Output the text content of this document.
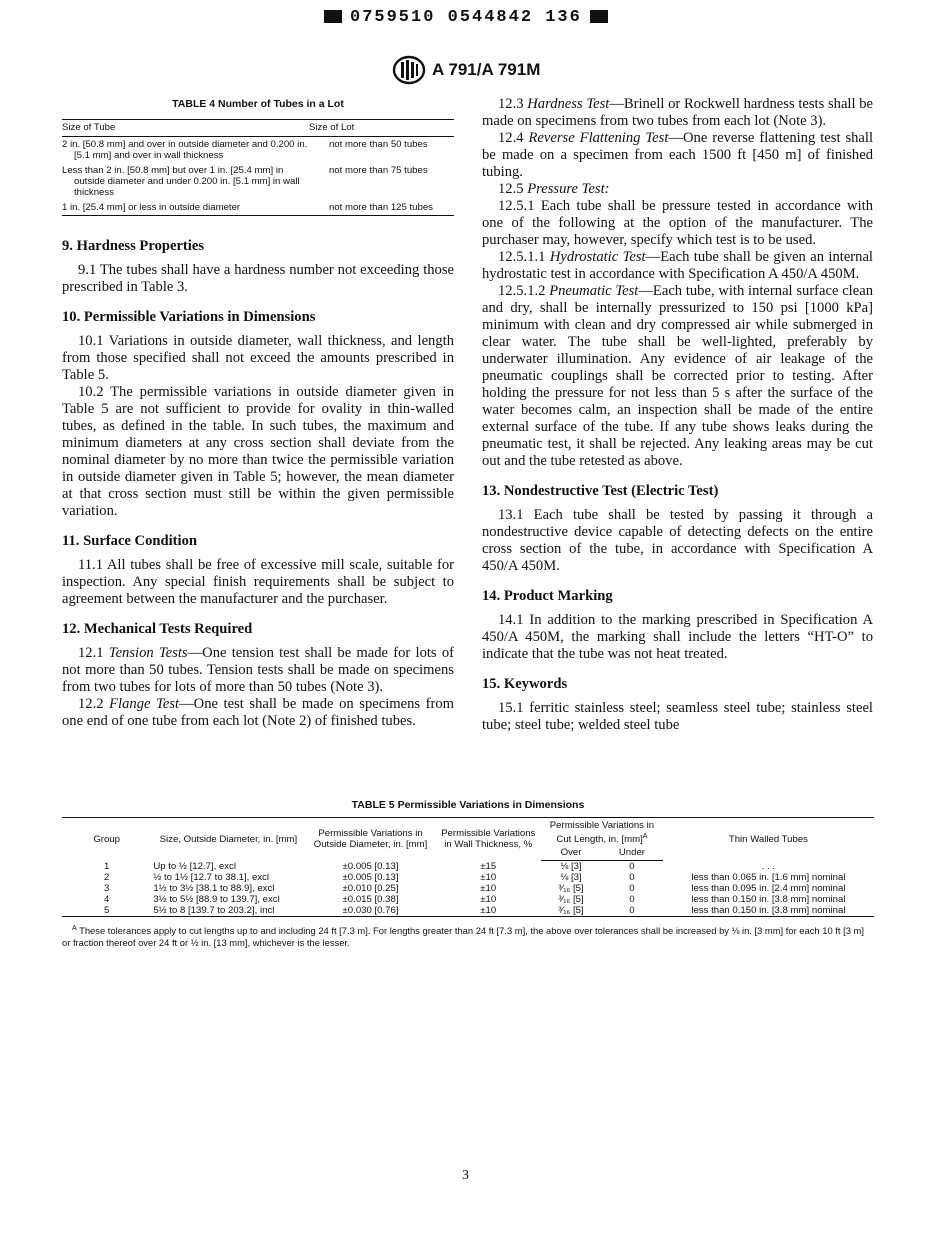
0759510 0544842 136
A 791/A 791M
TABLE 4 Number of Tubes in a Lot
Size of Tube	Size of Lot

2 in. [50.8 mm] and over in outside diameter and 0.200 in. [5.1 mm] and over in wall thickness	not more than 50 tubes

Less than 2 in. [50.8 mm] but over 1 in. [25.4 mm] in outside diameter and under 0.200 in. [5.1 mm] in wall thickness	not more than 75 tubes

1 in. [25.4 mm] or less in outside diameter	not more than 125 tubes
9. Hardness Properties

9.1 The tubes shall have a hardness number not exceeding those prescribed in Table 3.

10. Permissible Variations in Dimensions

10.1 Variations in outside diameter, wall thickness, and length from those specified shall not exceed the amounts prescribed in Table 5.

10.2 The permissible variations in outside diameter given in Table 5 are not sufficient to provide for ovality in thin-walled tubes, as defined in the table. In such tubes, the maximum and minimum diameters at any cross section shall deviate from the nominal diameter by no more than twice the permissible variation in outside diameter given in Table 5; however, the mean diameter at that cross section must still be within the given permissible variation.

11. Surface Condition

11.1 All tubes shall be free of excessive mill scale, suitable for inspection. Any special finish requirements shall be subject to agreement between the manufacturer and the purchaser.

12. Mechanical Tests Required

12.1 Tension Tests—One tension test shall be made for lots of not more than 50 tubes. Tension tests shall be made on specimens from two tubes for lots of more than 50 tubes (Note 3).

12.2 Flange Test—One test shall be made on specimens from one end of one tube from each lot (Note 2) of finished tubes.

12.3 Hardness Test—Brinell or Rockwell hardness tests shall be made on specimens from two tubes from each lot (Note 3).

12.4 Reverse Flattening Test—One reverse flattening test shall be made on a specimen from each 1500 ft [450 m] of finished tubing.

12.5 Pressure Test:

12.5.1 Each tube shall be pressure tested in accordance with one of the following at the option of the manufacturer. The purchaser may, however, specify which test is to be used.

12.5.1.1 Hydrostatic Test—Each tube shall be given an internal hydrostatic test in accordance with Specification A 450/A 450M.

12.5.1.2 Pneumatic Test—Each tube, with internal surface clean and dry, shall be internally pressurized to 150 psi [1000 kPa] minimum with clean and dry compressed air while submerged in clear water. The tube shall be well-lighted, preferably by underwater illumination. Any evidence of air leakage of the pneumatic couplings shall be corrected prior to testing. After holding the pressure for not less than 5 s after the surface of the water becomes calm, an inspection shall be made of the entire external surface of the tube. If any tube shows leaks during the pneumatic test, it shall be rejected. Any leaking areas may be cut out and the tube retested as above.

13. Nondestructive Test (Electric Test)

13.1 Each tube shall be tested by passing it through a nondestructive device capable of detecting defects on the entire cross section of the tube, in accordance with Specification A 450/A 450M.

14. Product Marking

14.1 In addition to the marking prescribed in Specification A 450/A 450M, the marking shall include the letters “HT-O” to indicate that the tube was not heat treated.

15. Keywords

15.1 ferritic stainless steel; seamless steel tube; stainless steel tube; steel tube; welded steel tube

TABLE 5 Permissible Variations in Dimensions
Group	Size, Outside Diameter, in. [mm]	Permissible Variations in Outside Diameter, in. [mm]	Permissible Variations in Wall Thickness, %	Permissible Variations in Cut Length, in. [mm]$^A$		Thin Walled Tubes
				Over	Under	
1	Up to ½ [12.7], excl	±0.005 [0.13]	±15	⅛ [3]	0	. . .
2	½ to 1½ [12.7 to 38.1], excl	±0.005 [0.13]	±10	⅛ [3]	0	less than 0.065 in. [1.6 mm] nominal
3	1½ to 3½ [38.1 to 88.9], excl	±0.010 [0.25]	±10	³⁄₁₆ [5]	0	less than 0.095 in. [2.4 mm] nominal
4	3½ to 5½ [88.9 to 139.7], excl	±0.015 [0.38]	±10	³⁄₁₆ [5]	0	less than 0.150 in. [3.8 mm] nominal
5	5½ to 8 [139.7 to 203.2], incl	±0.030 [0.76]	±10	³⁄₁₆ [5]	0	less than 0.150 in. [3.8 mm] nominal
$^A$ These tolerances apply to cut lengths up to and including 24 ft [7.3 m]. For lengths greater than 24 ft [7.3 m], the above over tolerances shall be increased by ⅛ in. [3 mm] for each 10 ft [3 m] or fraction thereof over 24 ft or ½ in. [13 mm], whichever is the lesser.
3
